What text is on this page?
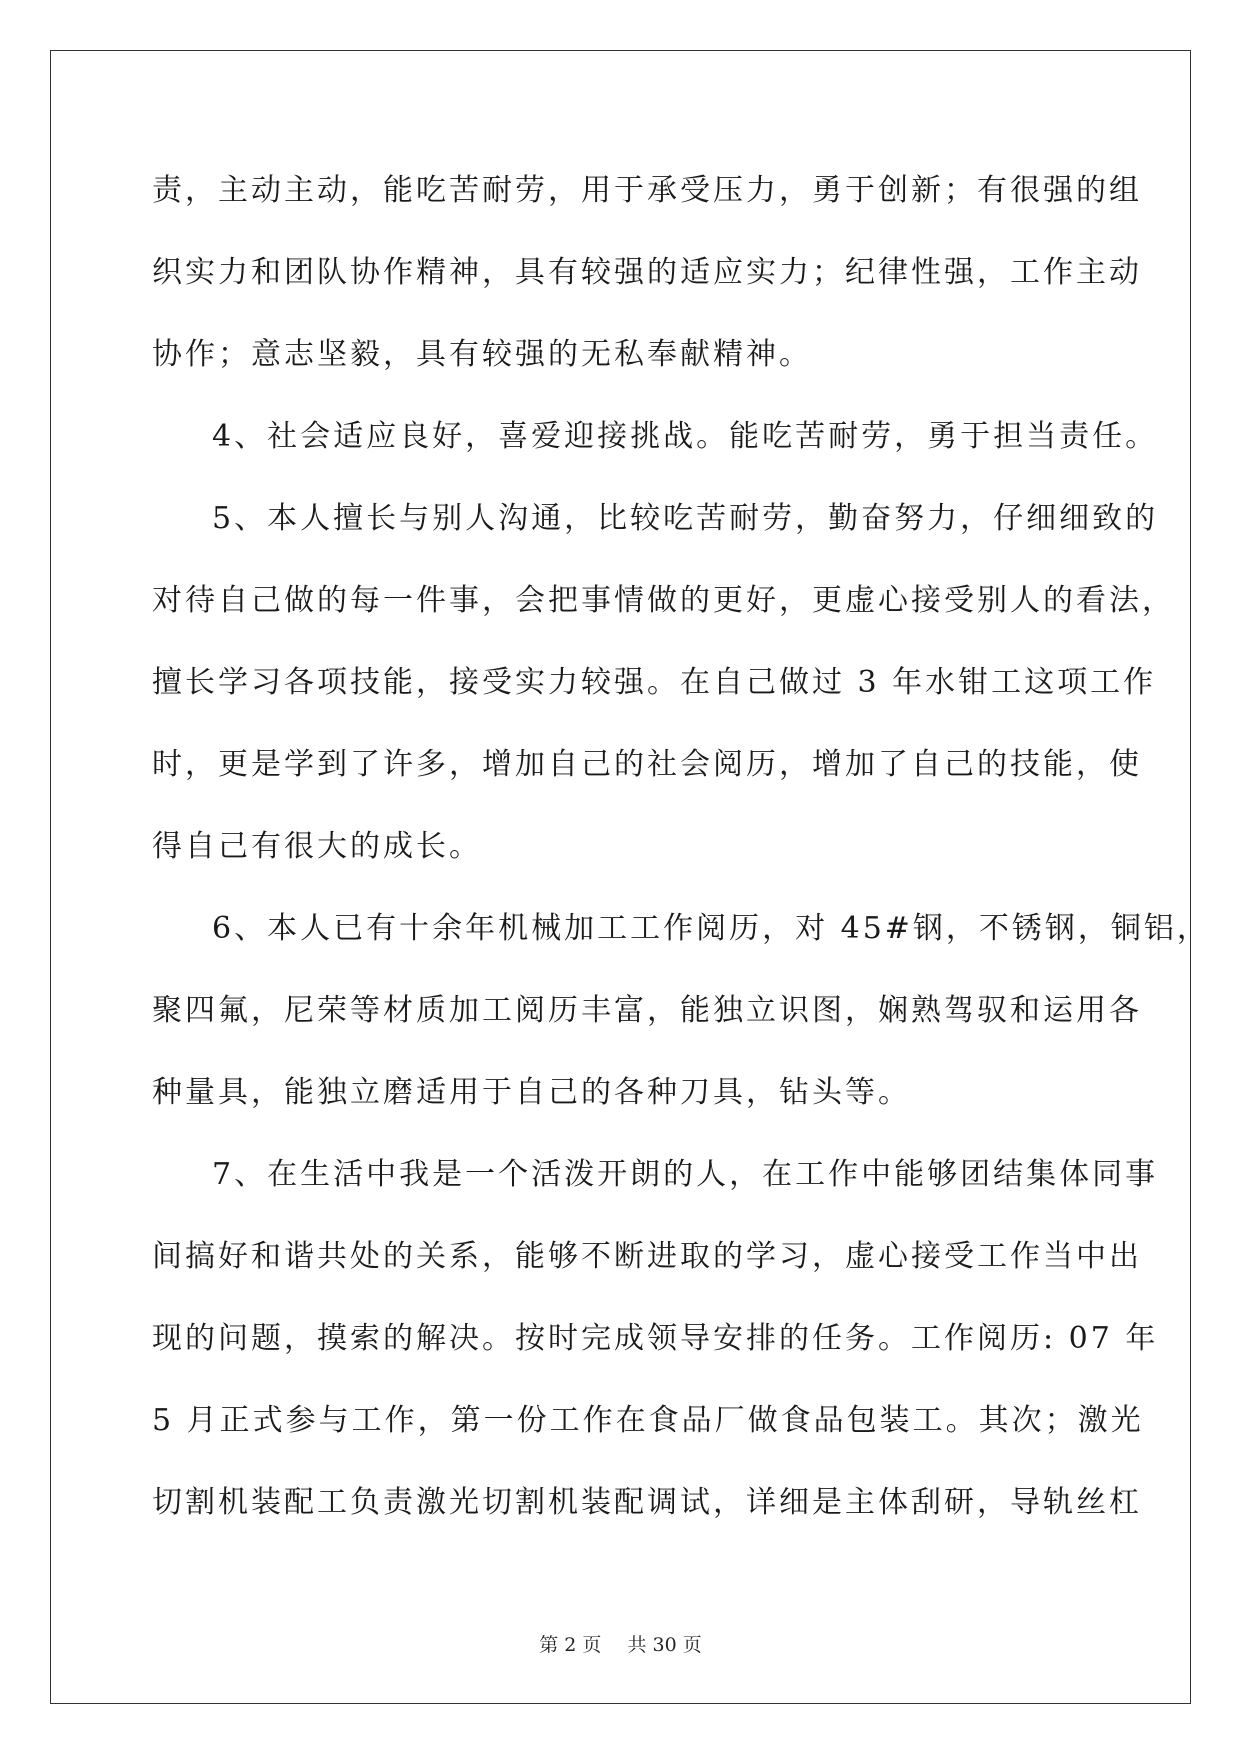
责，主动主动，能吃苦耐劳，用于承受压力，勇于创新；有很强的组
织实力和团队协作精神，具有较强的适应实力；纪律性强，工作主动
协作；意志坚毅，具有较强的无私奉献精神。

4、社会适应良好，喜爱迎接挑战。能吃苦耐劳，勇于担当责任。

5、本人擅长与别人沟通，比较吃苦耐劳，勤奋努力，仔细细致的
对待自己做的每一件事，会把事情做的更好，更虚心接受别人的看法，
擅长学习各项技能，接受实力较强。在自己做过 3 年水钳工这项工作
时，更是学到了许多，增加自己的社会阅历，增加了自己的技能，使
得自己有很大的成长。

6、本人已有十余年机械加工工作阅历，对 45#钢，不锈钢，铜铝，
聚四氟，尼荣等材质加工阅历丰富，能独立识图，娴熟驾驭和运用各
种量具，能独立磨适用于自己的各种刀具，钻头等。

7、在生活中我是一个活泼开朗的人，在工作中能够团结集体同事
间搞好和谐共处的关系，能够不断进取的学习，虚心接受工作当中出
现的问题，摸索的解决。按时完成领导安排的任务。工作阅历: 07 年
5 月正式参与工作，第一份工作在食品厂做食品包装工。其次；激光
切割机装配工负责激光切割机装配调试，详细是主体刮研，导轨丝杠

第 2 页 共 30 页
